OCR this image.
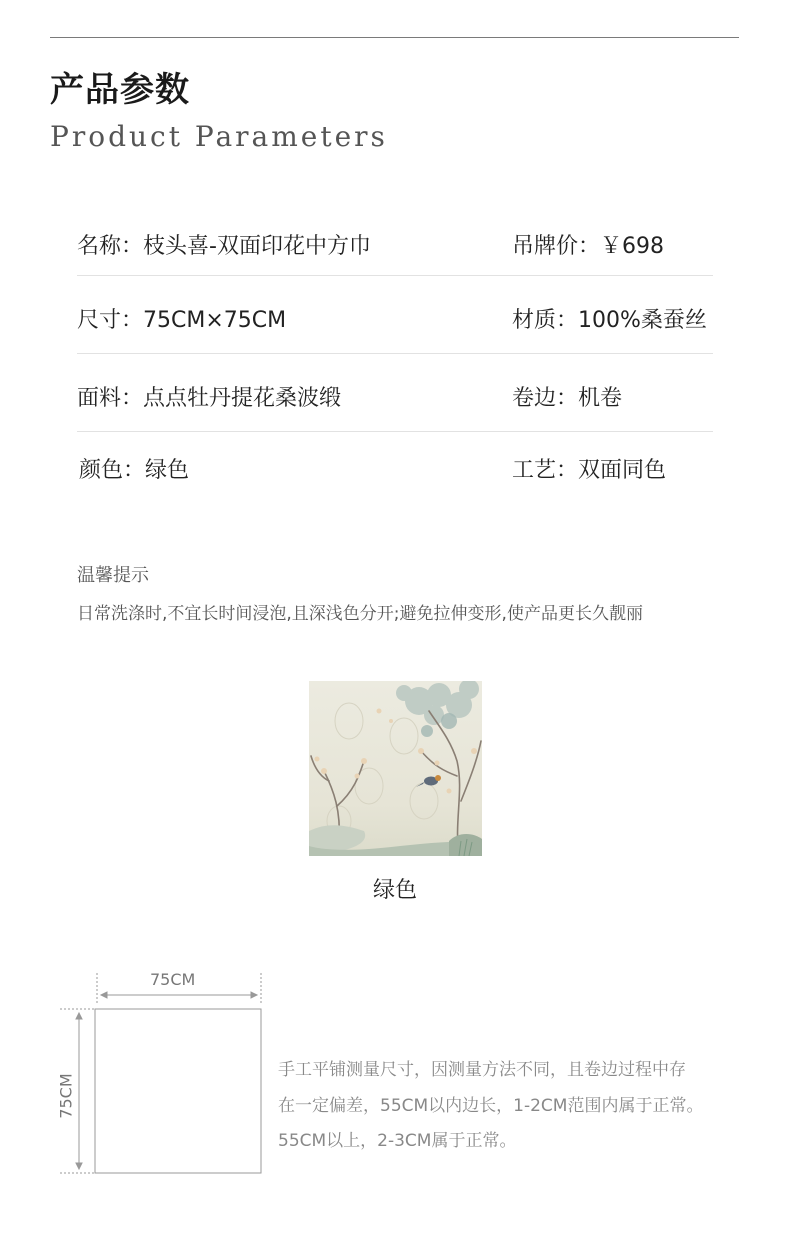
产品参数
Product Parameters
名称：枝头喜-双面印花中方巾	吊牌价：￥698
尺寸：75CM×75CM	材质：100%桑蚕丝
面料：点点牡丹提花桑波缎	卷边：机卷
颜色：绿色	工艺：双面同色
温馨提示
日常洗涤时,不宜长时间浸泡,且深浅色分开;避免拉伸变形,使产品更长久靓丽
绿色
75CM
75CM
手工平铺测量尺寸，因测量方法不同，且卷边过程中存
在一定偏差，55CM以内边长，1-2CM范围内属于正常。
55CM以上，2-3CM属于正常。
